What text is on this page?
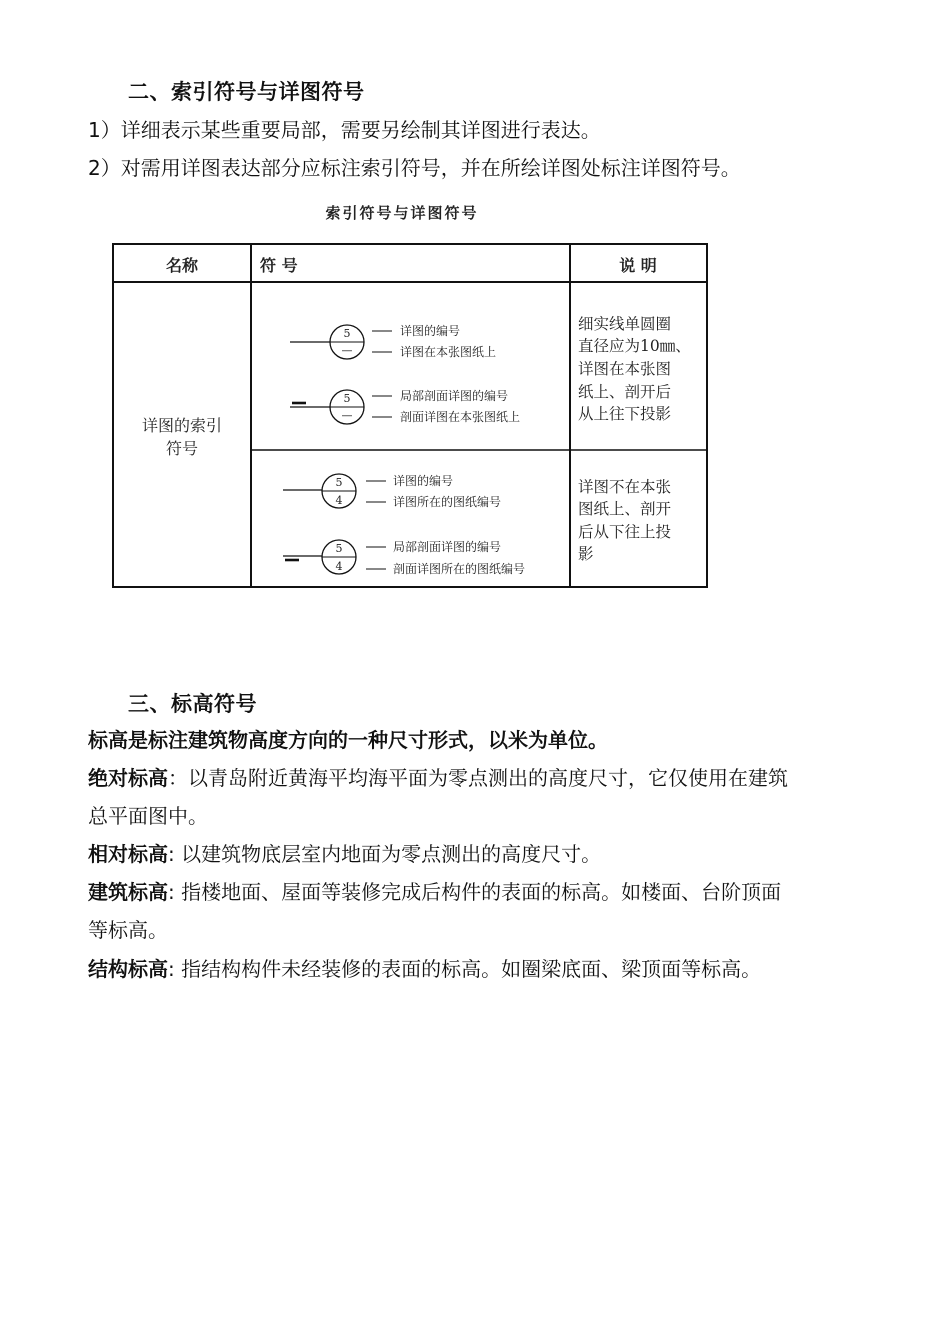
二、索引符号与详图符号
1）详细表示某些重要局部，需要另绘制其详图进行表达。
2）对需用详图表达部分应标注索引符号，并在所绘详图处标注详图符号。
索引符号与详图符号
名称	符 号	说 明
详图的索引
符号
5
—
详图的编号
详图在本张图纸上
5
—
局部剖面详图的编号
剖面详图在本张图纸上
5
4
详图的编号
详图所在的图纸编号
5
4
局部剖面详图的编号
剖面详图所在的图纸编号
细实线单圆圈
直径应为10㎜、
详图在本张图
纸上、剖开后
从上往下投影
详图不在本张
图纸上、剖开
后从下往上投
影
三、标高符号
标高是标注建筑物高度方向的一种尺寸形式，以米为单位。
绝对标高：以青岛附近黄海平均海平面为零点测出的高度尺寸，它仅使用在建筑
总平面图中。
相对标高: 以建筑物底层室内地面为零点测出的高度尺寸。
建筑标高: 指楼地面、屋面等装修完成后构件的表面的标高。如楼面、台阶顶面
等标高。
结构标高: 指结构构件未经装修的表面的标高。如圈梁底面、梁顶面等标高。
